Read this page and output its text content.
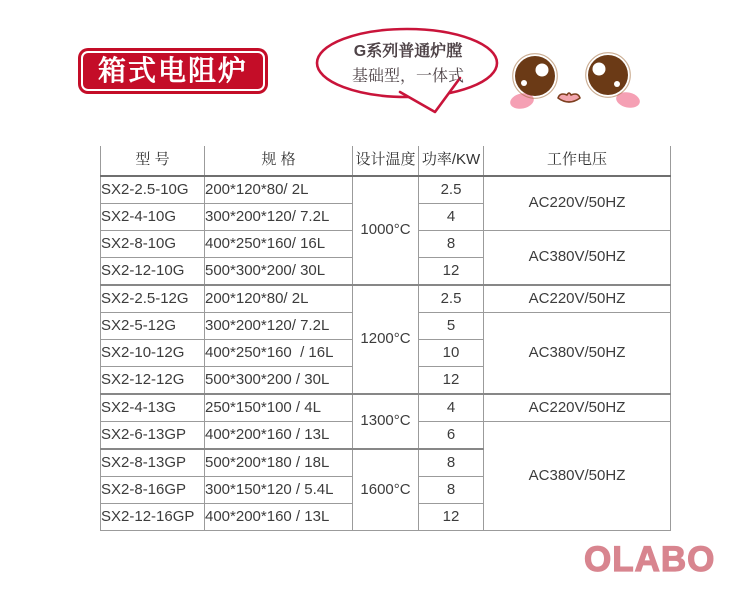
箱式电阻炉
G系列普通炉膛
基础型，一体式
型 号	规 格	设计温度	功率/KW	工作电压
SX2-2.5-10G	200*120*80/ 2L	1000°C	2.5	AC220V/50HZ
SX2-4-10G	300*200*120/ 7.2L		4	
SX2-8-10G	400*250*160/ 16L		8	AC380V/50HZ
SX2-12-10G	500*300*200/ 30L		12	
SX2-2.5-12G	200*120*80/ 2L	1200°C	2.5	AC220V/50HZ
SX2-5-12G	300*200*120/ 7.2L		5	AC380V/50HZ
SX2-10-12G	400*250*160  / 16L		10	
SX2-12-12G	500*300*200 / 30L		12	
SX2-4-13G	250*150*100 / 4L	1300°C	4	AC220V/50HZ
SX2-6-13GP	400*200*160 / 13L		6	AC380V/50HZ
SX2-8-13GP	500*200*180 / 18L	1600°C	8	
SX2-8-16GP	300*150*120 / 5.4L		8	
SX2-12-16GP	400*200*160 / 13L		12	
OLABO
